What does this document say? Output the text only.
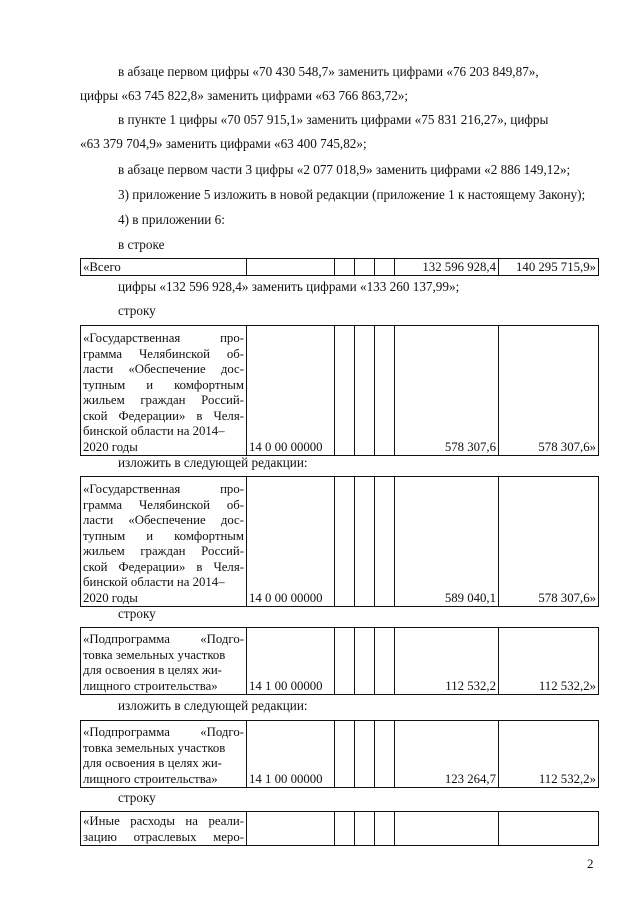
в абзаце первом цифры «70 430 548,7» заменить цифрами «76 203 849,87»,
цифры «63 745 822,8» заменить цифрами «63 766 863,72»;
в пункте 1 цифры «70 057 915,1» заменить цифрами «75 831 216,27», цифры
«63 379 704,9» заменить цифрами «63 400 745,82»;
в абзаце первом части 3 цифры «2 077 018,9» заменить цифрами «2 886 149,12»;
3) приложение 5 изложить в новой редакции (приложение 1 к настоящему Закону);
4) в приложении 6:
в строке
«Всего					132 596 928,4	140 295 715,9»
цифры «132 596 928,4» заменить цифрами «133 260 137,99»;
строку
«Государственная	про-
грамма Челябинской об-
ласти «Обеспечение дос-
тупным и комфортным
жильем граждан Россий-
ской Федерации» в Челя-
бинской области на 2014–
2020 годы	14 0 00 00000				578 307,6	578 307,6»
изложить в следующей редакции:
«Государственная	про-
грамма Челябинской об-
ласти «Обеспечение дос-
тупным и комфортным
жильем граждан Россий-
ской Федерации» в Челя-
бинской области на 2014–
2020 годы	14 0 00 00000				589 040,1	578 307,6»
строку
«Подпрограмма «Подго-
товка земельных участков
для освоения в целях жи-
лищного строительства»	14 1 00 00000				112 532,2	112 532,2»
изложить в следующей редакции:
«Подпрограмма «Подго-
товка земельных участков
для освоения в целях жи-
лищного строительства»	14 1 00 00000				123 264,7	112 532,2»
строку
«Иные расходы на реали-
зацию отраслевых меро-

2
